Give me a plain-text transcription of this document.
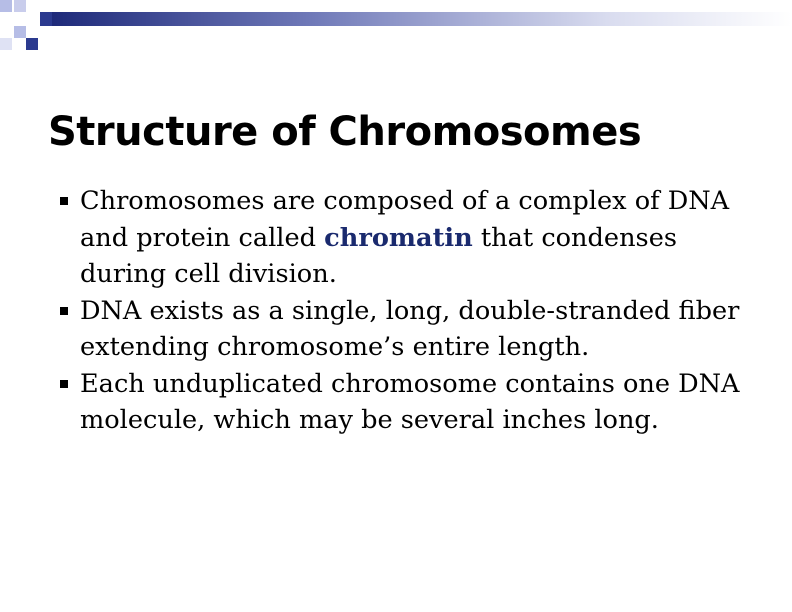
Structure of Chromosomes
Chromosomes are composed of a complex of DNA and protein called chromatin that condenses during cell division.
DNA exists as a single, long, double-stranded fiber extending chromosome’s entire length.
Each unduplicated chromosome contains one DNA molecule, which may be several inches long.
